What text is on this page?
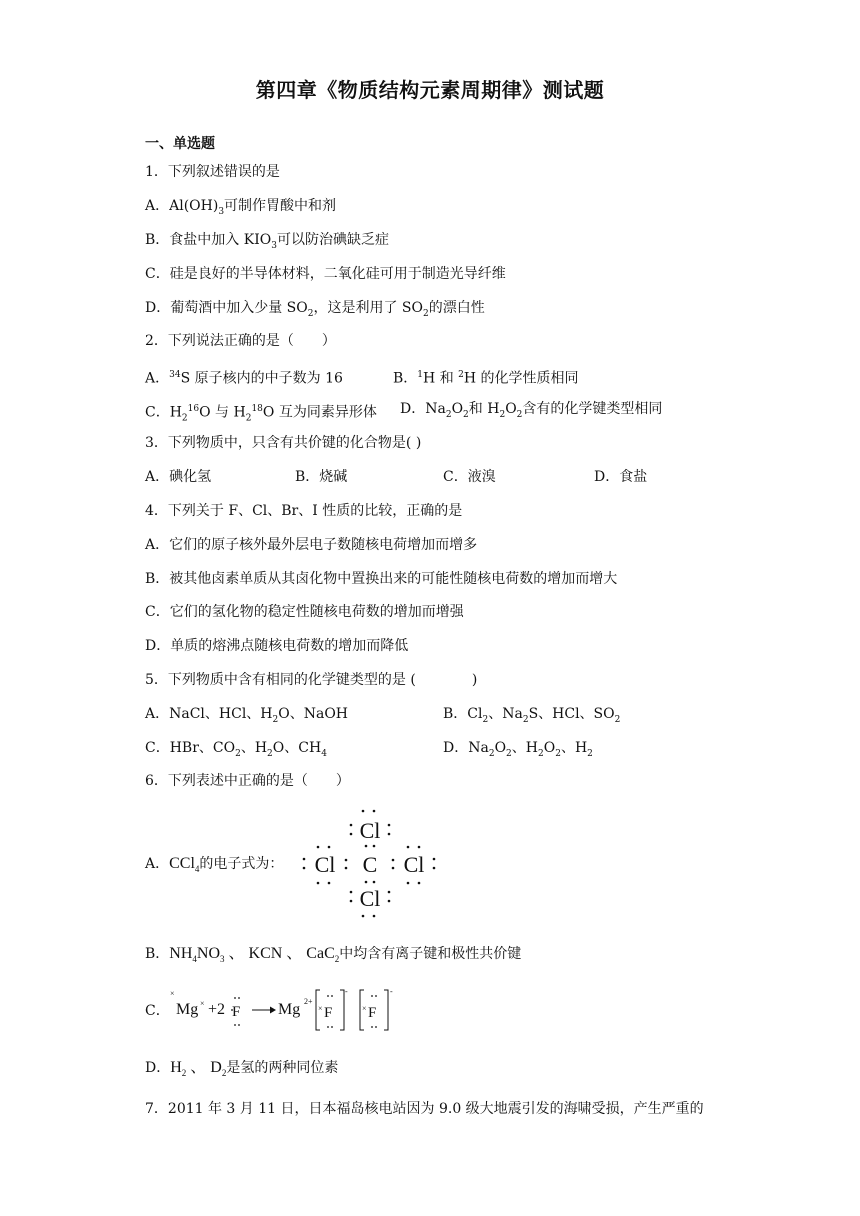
第四章《物质结构元素周期律》测试题
一、单选题
1．下列叙述错误的是
A．$Al(OH)_3$可制作胃酸中和剂
B．食盐中加入 $KIO_3$可以防治碘缺乏症
C．硅是良好的半导体材料，二氧化硅可用于制造光导纤维
D．葡萄酒中加入少量 $SO_2$，这是利用了 $SO_2$的漂白性
2．下列说法正确的是（　　）
A．$^{34}$S 原子核内的中子数为 16	B．$^1$H 和 $^2$H 的化学性质相同
C．$H_2^{16}O$ 与 $H_2^{18}O$ 互为同素异形体 D．$Na_2O_2$和 $H_2O_2$含有的化学键类型相同
3．下列物质中，只含有共价键的化合物是( )
A．碘化氢	B．烧碱	C．液溴	D．食盐
4．下列关于 F、Cl、Br、I 性质的比较，正确的是
A．它们的原子核外最外层电子数随核电荷增加而增多
B．被其他卤素单质从其卤化物中置换出来的可能性随核电荷数的增加而增大
C．它们的氢化物的稳定性随核电荷数的增加而增强
D．单质的熔沸点随核电荷数的增加而降低
5．下列物质中含有相同的化学键类型的是 (　　　　)
A．NaCl、HCl、$H_2O$、NaOH	B．$Cl_2$、$Na_2S$、HCl、$SO_2$
C．HBr、$CO_2$、$H_2O$、$CH_4$	D．$Na_2O_2$、$H_2O_2$、$H_2$
6．下列表述中正确的是（　　）
A．CCl$_4$的电子式为：
Cl
Cl C Cl
Cl
B．$NH_4NO_3$ 、 KCN 、 CaC$_2$中均含有离子键和极性共价键
C．
×
Mg × +2 F Mg 2+
× F
-
× F
-
D．$H_2$ 、 $D_2$是氢的两种同位素
7．2011 年 3 月 11 日，日本福岛核电站因为 9.0 级大地震引发的海啸受损，产生严重的
